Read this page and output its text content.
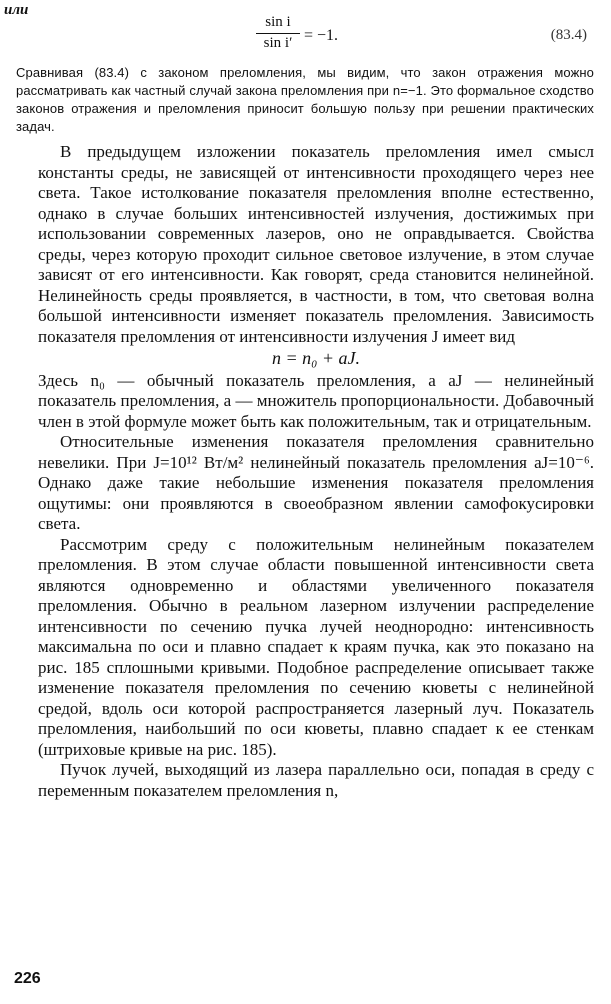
или
sin i
sin i′ = −1.	(83.4)
Сравнивая (83.4) с законом преломления, мы видим, что закон отражения можно рассматривать как частный случай закона преломления при n=−1. Это формальное сходство законов отражения и преломления приносит большую пользу при решении практических задач.

В предыдущем изложении показатель преломления имел смысл константы среды, не зависящей от интенсивности проходящего через нее света. Такое истолкование показателя преломления вполне естественно, однако в случае больших интенсивностей излучения, достижимых при использовании современных лазеров, оно не оправдывается. Свойства среды, через которую проходит сильное световое излучение, в этом случае зависят от его интенсивности. Как говорят, среда становится нелинейной. Нелинейность среды проявляется, в частности, в том, что световая волна большой интенсивности изменяет показатель преломления. Зависимость показателя преломления от интенсивности излучения J имеет вид

n = n₀ + aJ.

Здесь n₀ — обычный показатель преломления, а aJ — нелинейный показатель преломления, a — множитель пропорциональности. Добавочный член в этой формуле может быть как положительным, так и отрицательным.

Относительные изменения показателя преломления сравнительно невелики. При J=10¹² Вт/м² нелинейный показатель преломления aJ=10⁻⁶. Однако даже такие небольшие изменения показателя преломления ощутимы: они проявляются в своеобразном явлении самофокусировки света.

Рассмотрим среду с положительным нелинейным показателем преломления. В этом случае области повышенной интенсивности света являются одновременно и областями увеличенного показателя преломления. Обычно в реальном лазерном излучении распределение интенсивности по сечению пучка лучей неоднородно: интенсивность максимальна по оси и плавно спадает к краям пучка, как это показано на рис. 185 сплошными кривыми. Подобное распределение описывает также изменение показателя преломления по сечению кюветы с нелинейной средой, вдоль оси которой распространяется лазерный луч. Показатель преломления, наибольший по оси кюветы, плавно спадает к ее стенкам (штриховые кривые на рис. 185).

Пучок лучей, выходящий из лазера параллельно оси, попадая в среду с переменным показателем преломления n,

226
